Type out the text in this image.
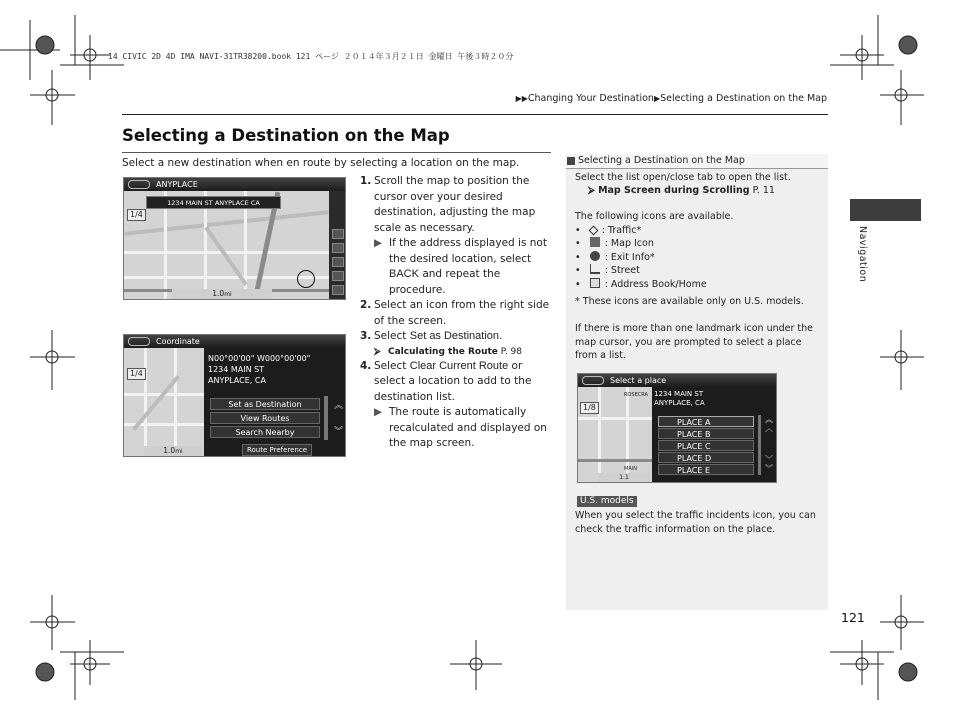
14 CIVIC 2D 4D IMA NAVI-31TR38200.book 121 ページ ２０１４年３月２１日 金曜日 午後３時２０分
▶▶Changing Your Destination▶Selecting a Destination on the Map
Selecting a Destination on the Map
Select a new destination when en route by selecting a location on the map.
ANYPLACE
1234 MAIN ST ANYPLACE CA
1/4
1.0mi
Coordinate
1/4
1.0mi
N00°00'00" W000°00'00"
1234 MAIN ST
ANYPLACE, CA
Set as Destination
View Routes
Search Nearby
︽
︾
Route Preference
1. Scroll the map to position the cursor over your desired destination, adjusting the map scale as necessary.
▶ If the address displayed is not the desired location, select BACK and repeat the procedure.
2. Select an icon from the right side of the screen.
3. Select Set as Destination.
⮚ Calculating the Route P. 98
4. Select Clear Current Route or select a location to add to the destination list.
▶ The route is automatically recalculated and displayed on the map screen.
Selecting a Destination on the Map
Select the list open/close tab to open the list.
⮚ Map Screen during Scrolling P. 11
The following icons are available.
•    : Traffic*
•    : Map Icon
•    : Exit Info*
•    : Street
•    : Address Book/Home
* These icons are available only on U.S. models.
If there is more than one landmark icon under the map cursor, you are prompted to select a place from a list.
Select a place
1/8
ROSECRA
MAIN
1.1
1234 MAIN ST
ANYPLACE, CA
PLACE A
PLACE B
PLACE C
PLACE D
PLACE E
︽
︿
﹀
︾
U.S. models
When you select the traffic incidents icon, you can check the traffic information on the place.
Navigation
121
